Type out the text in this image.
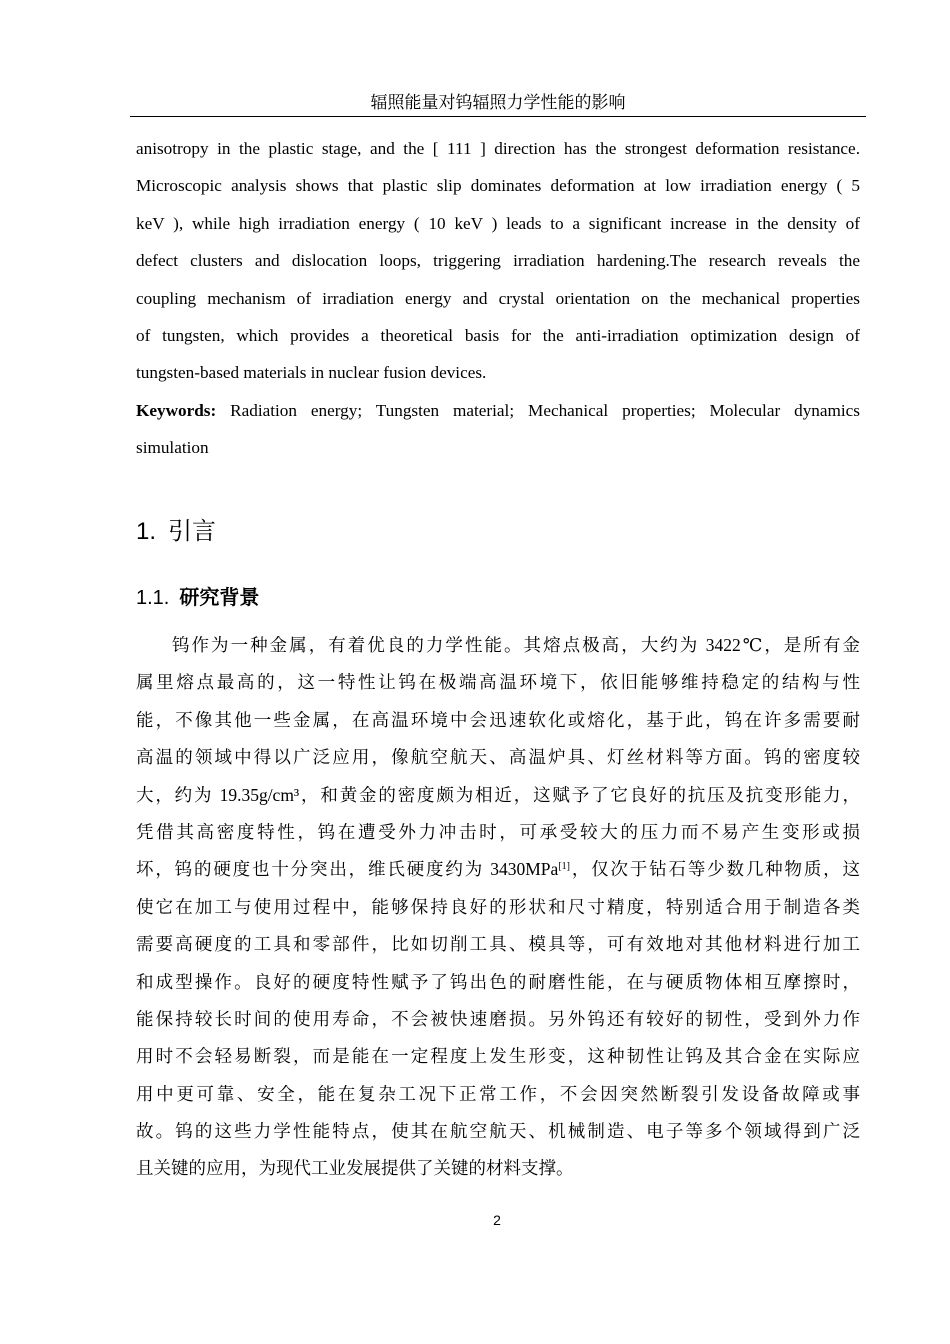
辐照能量对钨辐照力学性能的影响
anisotropy in the plastic stage, and the [ 111 ] direction has the strongest deformation resistance.
Microscopic analysis shows that plastic slip dominates deformation at low irradiation energy ( 5
keV ), while high irradiation energy ( 10 keV ) leads to a significant increase in the density of
defect clusters and dislocation loops, triggering irradiation hardening.The research reveals the
coupling mechanism of irradiation energy and crystal orientation on the mechanical properties
of tungsten, which provides a theoretical basis for the anti-irradiation optimization design of
tungsten-based materials in nuclear fusion devices.
Keywords: Radiation energy; Tungsten material; Mechanical properties; Molecular dynamics
simulation
1. 引言
1.1. 研究背景
钨作为一种金属，有着优良的力学性能。其熔点极高，大约为 3422℃，是所有金
属里熔点最高的，这一特性让钨在极端高温环境下，依旧能够维持稳定的结构与性
能，不像其他一些金属，在高温环境中会迅速软化或熔化，基于此，钨在许多需要耐
高温的领域中得以广泛应用，像航空航天、高温炉具、灯丝材料等方面。钨的密度较
大，约为 19.35g/cm³，和黄金的密度颇为相近，这赋予了它良好的抗压及抗变形能力，
凭借其高密度特性，钨在遭受外力冲击时，可承受较大的压力而不易产生变形或损
坏，钨的硬度也十分突出，维氏硬度约为 3430MPa[1]，仅次于钻石等少数几种物质，这
使它在加工与使用过程中，能够保持良好的形状和尺寸精度，特别适合用于制造各类
需要高硬度的工具和零部件，比如切削工具、模具等，可有效地对其他材料进行加工
和成型操作。良好的硬度特性赋予了钨出色的耐磨性能，在与硬质物体相互摩擦时，
能保持较长时间的使用寿命，不会被快速磨损。另外钨还有较好的韧性，受到外力作
用时不会轻易断裂，而是能在一定程度上发生形变，这种韧性让钨及其合金在实际应
用中更可靠、安全，能在复杂工况下正常工作，不会因突然断裂引发设备故障或事
故。钨的这些力学性能特点，使其在航空航天、机械制造、电子等多个领域得到广泛
且关键的应用，为现代工业发展提供了关键的材料支撑。
2
